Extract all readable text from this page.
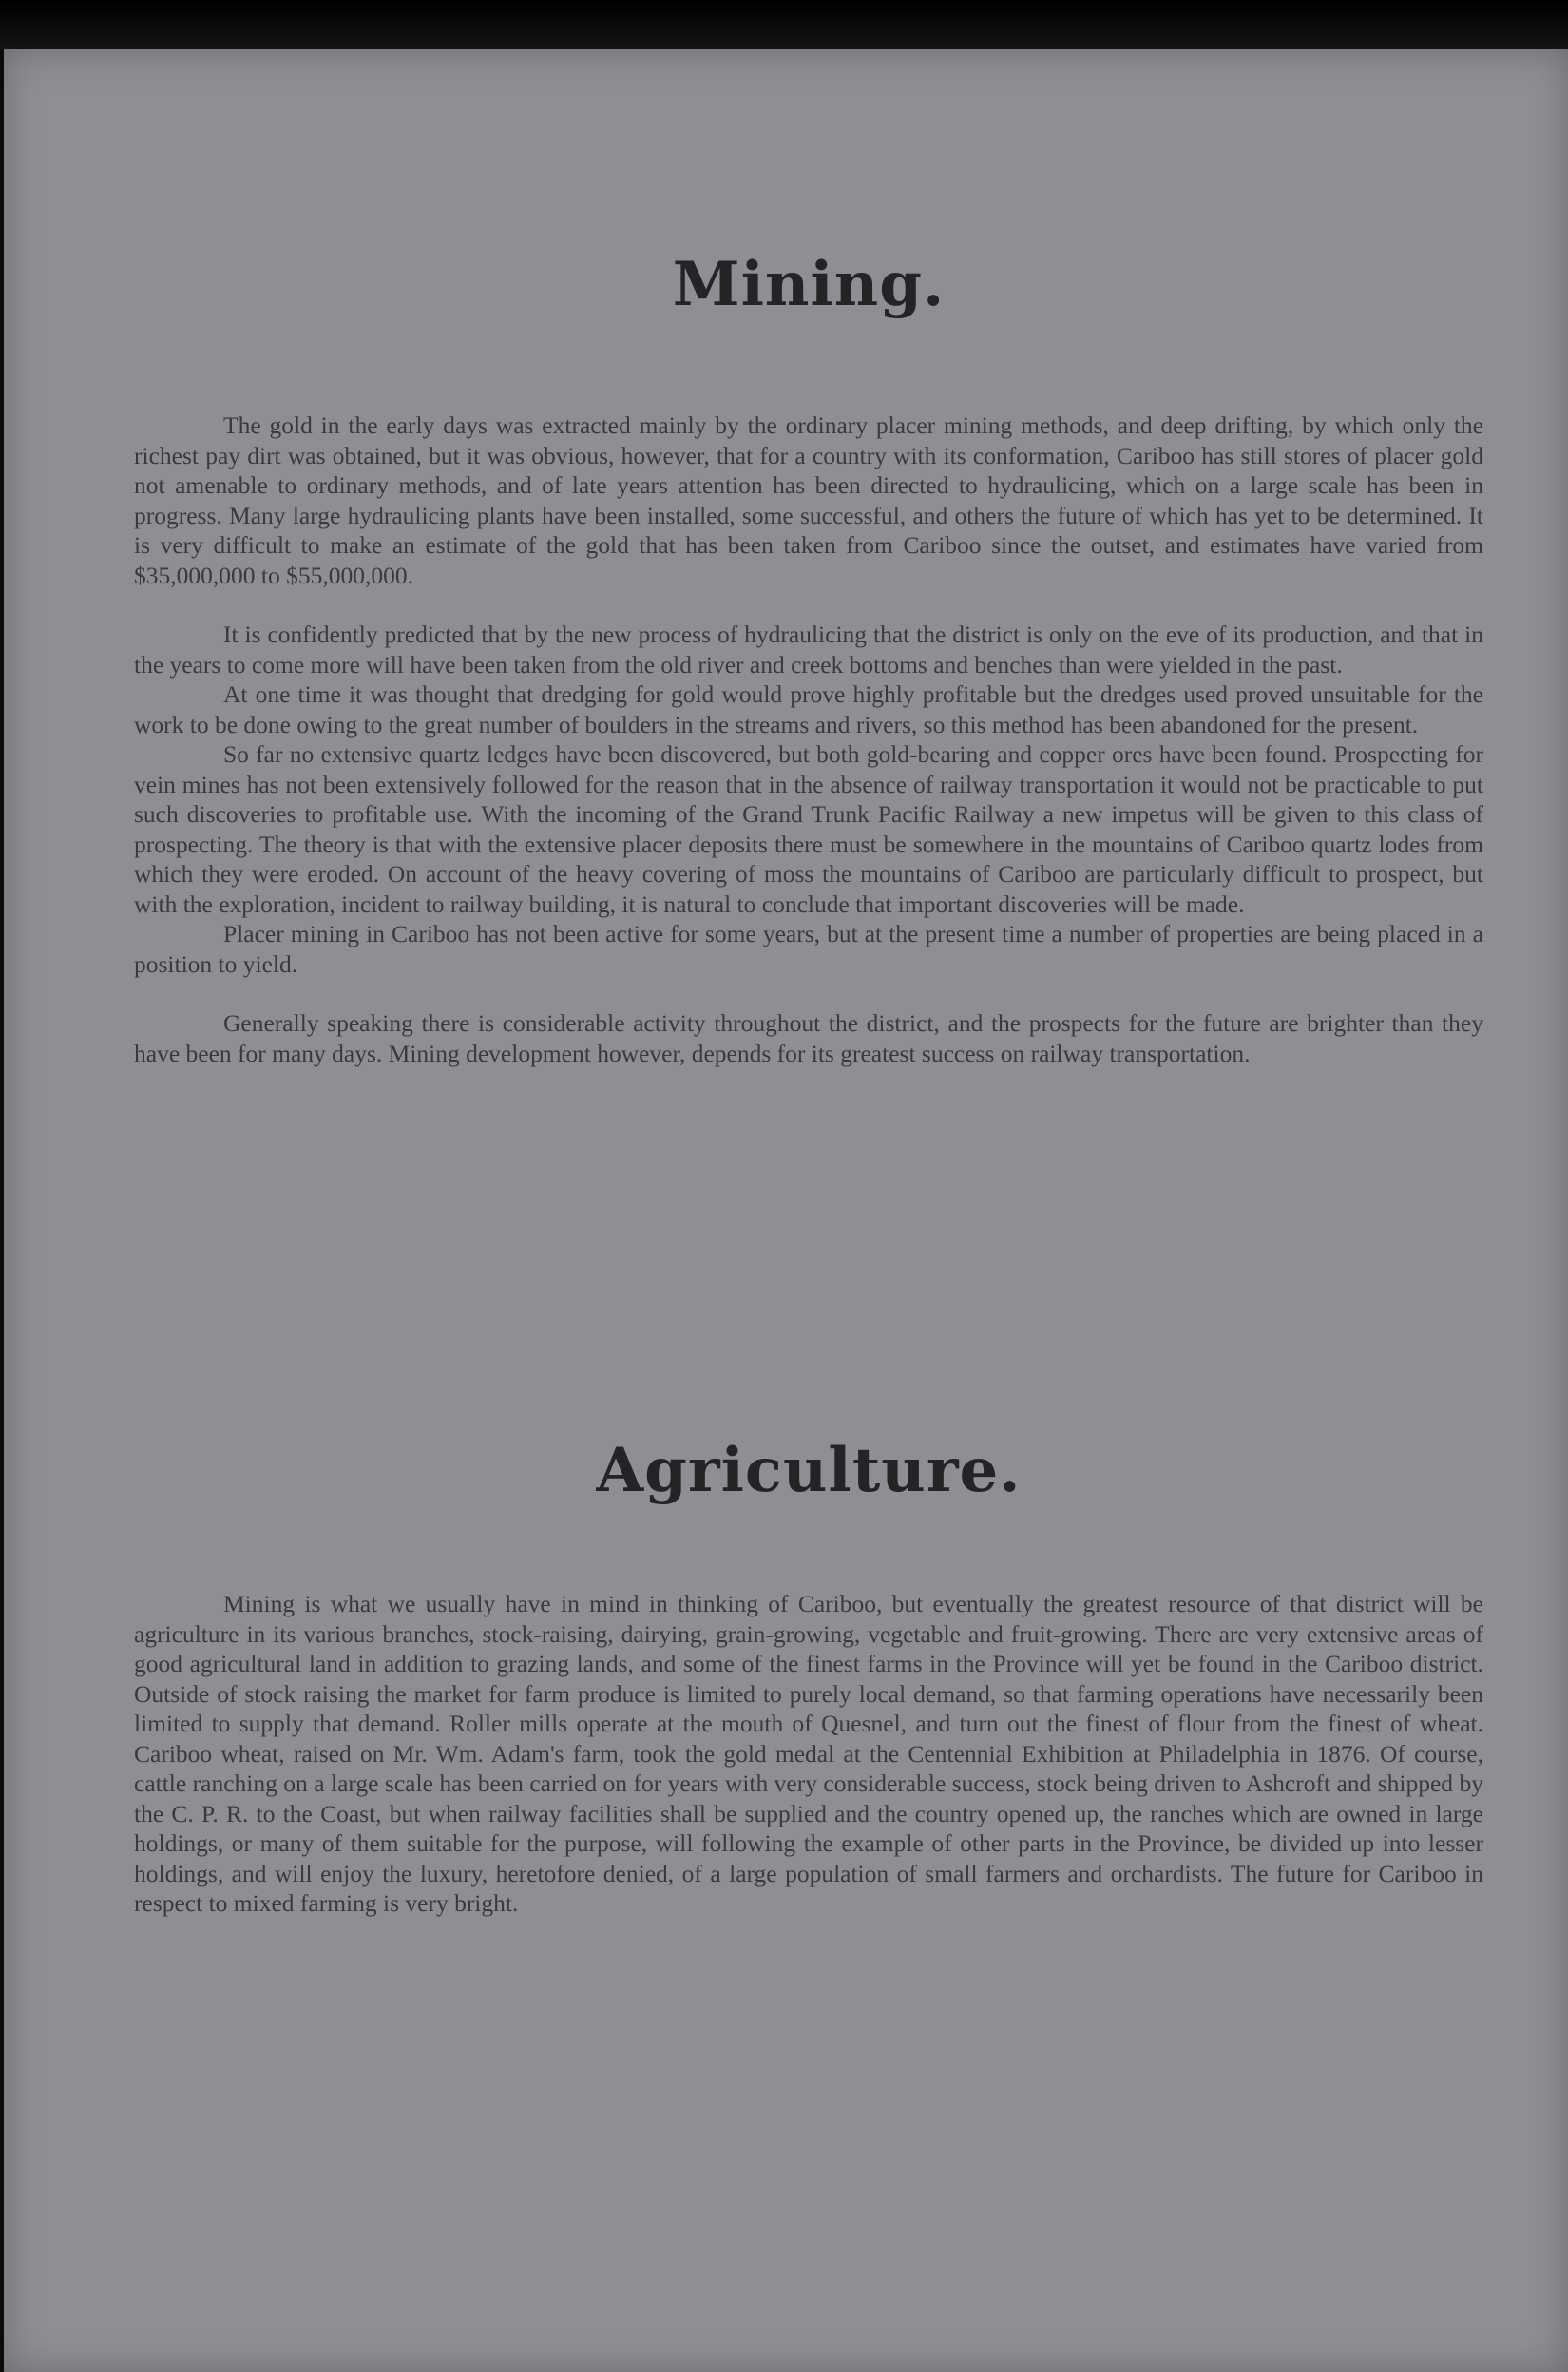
Mining.

The gold in the early days was extracted mainly by the ordinary placer mining methods, and deep drifting, by which only the richest pay dirt was obtained, but it was obvious, however, that for a country with its conformation, Cariboo has still stores of placer gold not amenable to ordinary methods, and of late years attention has been directed to hydraulicing, which on a large scale has been in progress. Many large hydraulicing plants have been installed, some successful, and others the future of which has yet to be determined. It is very difficult to make an estimate of the gold that has been taken from Cariboo since the outset, and estimates have varied from $35,000,000 to $55,000,000.

It is confidently predicted that by the new process of hydraulicing that the district is only on the eve of its production, and that in the years to come more will have been taken from the old river and creek bottoms and benches than were yielded in the past.

At one time it was thought that dredging for gold would prove highly profitable but the dredges used proved unsuitable for the work to be done owing to the great number of boulders in the streams and rivers, so this method has been abandoned for the present.

So far no extensive quartz ledges have been discovered, but both gold-bearing and copper ores have been found. Prospecting for vein mines has not been extensively followed for the reason that in the absence of railway transportation it would not be practicable to put such discoveries to profitable use. With the incoming of the Grand Trunk Pacific Railway a new impetus will be given to this class of prospecting. The theory is that with the extensive placer deposits there must be somewhere in the mountains of Cariboo quartz lodes from which they were eroded. On account of the heavy covering of moss the mountains of Cariboo are particularly difficult to prospect, but with the exploration, incident to railway building, it is natural to conclude that important discoveries will be made.

Placer mining in Cariboo has not been active for some years, but at the present time a number of properties are being placed in a position to yield.

Generally speaking there is considerable activity throughout the district, and the prospects for the future are brighter than they have been for many days. Mining development however, depends for its greatest success on railway transportation.

Agriculture.

Mining is what we usually have in mind in thinking of Cariboo, but eventually the greatest resource of that district will be agriculture in its various branches, stock-raising, dairying, grain-growing, vegetable and fruit-growing. There are very extensive areas of good agricultural land in addition to grazing lands, and some of the finest farms in the Province will yet be found in the Cariboo district. Outside of stock raising the market for farm produce is limited to purely local demand, so that farming operations have necessarily been limited to supply that demand. Roller mills operate at the mouth of Quesnel, and turn out the finest of flour from the finest of wheat. Cariboo wheat, raised on Mr. Wm. Adam's farm, took the gold medal at the Centennial Exhibition at Philadelphia in 1876. Of course, cattle ranching on a large scale has been carried on for years with very considerable success, stock being driven to Ashcroft and shipped by the C. P. R. to the Coast, but when railway facilities shall be supplied and the country opened up, the ranches which are owned in large holdings, or many of them suitable for the purpose, will following the example of other parts in the Province, be divided up into lesser holdings, and will enjoy the luxury, heretofore denied, of a large population of small farmers and orchardists. The future for Cariboo in respect to mixed farming is very bright.
